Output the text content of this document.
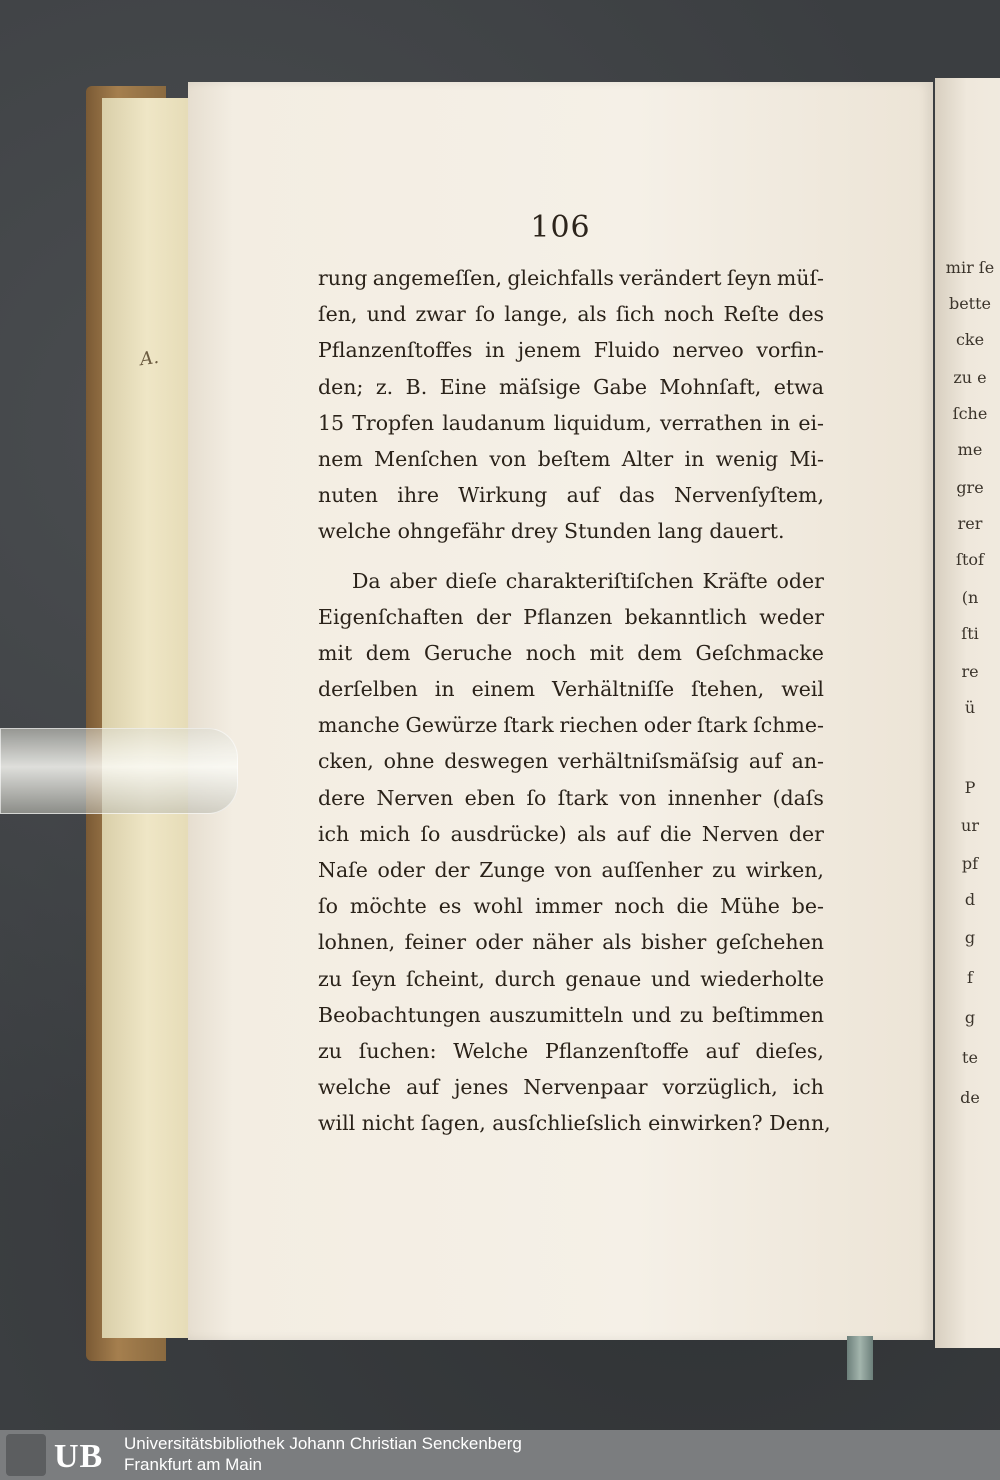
mir ſe
bette
cke
zu e
ſche
me
gre
rer
ſtof
(n
ſti
re
ü
P
ur
pf
d
g
f
g
te
de
106
rung angemeſſen, gleichfalls verändert ſeyn müſ-
ſen, und zwar ſo lange, als ſich noch Reſte des
Pflanzenſtoffes in jenem Fluido nerveo vorfin-
den; z. B. Eine mäſsige Gabe Mohnſaft, etwa
15 Tropfen laudanum liquidum, verrathen in ei-
nem Menſchen von beſtem Alter in wenig Mi-
nuten ihre Wirkung auf das Nervenſyſtem,
welche ohngefähr drey Stunden lang dauert.
Da aber dieſe charakteriſtiſchen Kräfte oder
Eigenſchaften der Pflanzen bekanntlich weder
mit dem Geruche noch mit dem Geſchmacke
derſelben in einem Verhältniſſe ſtehen, weil
manche Gewürze ſtark riechen oder ſtark ſchme-
cken, ohne deswegen verhältniſsmäſsig auf an-
dere Nerven eben ſo ſtark von innenher (daſs
ich mich ſo ausdrücke) als auf die Nerven der
Naſe oder der Zunge von auſſenher zu wirken,
ſo möchte es wohl immer noch die Mühe be-
lohnen, feiner oder näher als bisher geſchehen
zu ſeyn ſcheint, durch genaue und wiederholte
Beobachtungen auszumitteln und zu beſtimmen
zu ſuchen: Welche Pflanzenſtoffe auf dieſes,
welche auf jenes Nervenpaar vorzüglich, ich
will nicht ſagen, ausſchlieſslich einwirken? Denn,
A.
UB Universitätsbibliothek Johann Christian Senckenberg
Frankfurt am Main
